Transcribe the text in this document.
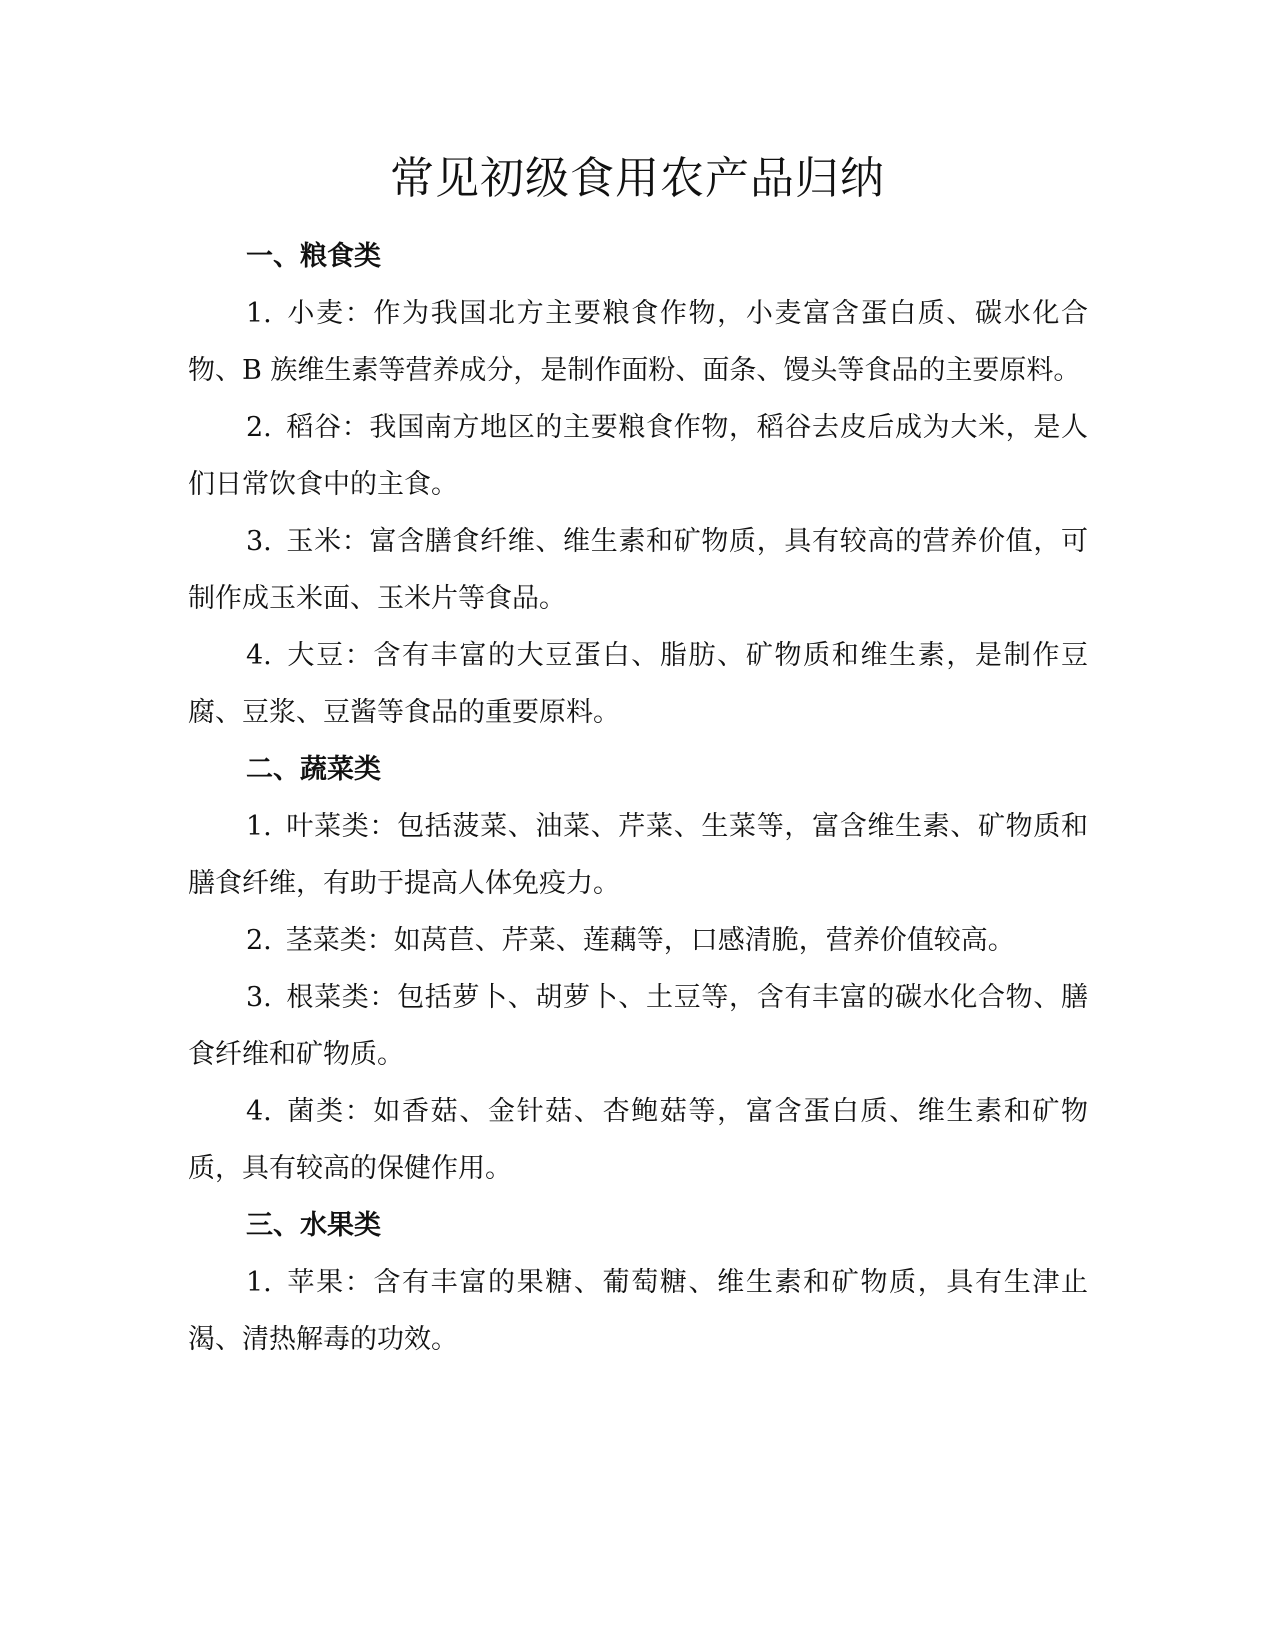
常见初级食用农产品归纳
一、粮食类

1. 小麦：作为我国北方主要粮食作物，小麦富含蛋白质、碳水化合物、B 族维生素等营养成分，是制作面粉、面条、馒头等食品的主要原料。

2. 稻谷：我国南方地区的主要粮食作物，稻谷去皮后成为大米，是人们日常饮食中的主食。

3. 玉米：富含膳食纤维、维生素和矿物质，具有较高的营养价值，可制作成玉米面、玉米片等食品。

4. 大豆：含有丰富的大豆蛋白、脂肪、矿物质和维生素，是制作豆腐、豆浆、豆酱等食品的重要原料。

二、蔬菜类

1. 叶菜类：包括菠菜、油菜、芹菜、生菜等，富含维生素、矿物质和膳食纤维，有助于提高人体免疫力。

2. 茎菜类：如莴苣、芹菜、莲藕等，口感清脆，营养价值较高。

3. 根菜类：包括萝卜、胡萝卜、土豆等，含有丰富的碳水化合物、膳食纤维和矿物质。

4. 菌类：如香菇、金针菇、杏鲍菇等，富含蛋白质、维生素和矿物质，具有较高的保健作用。

三、水果类

1. 苹果：含有丰富的果糖、葡萄糖、维生素和矿物质，具有生津止渴、清热解毒的功效。
